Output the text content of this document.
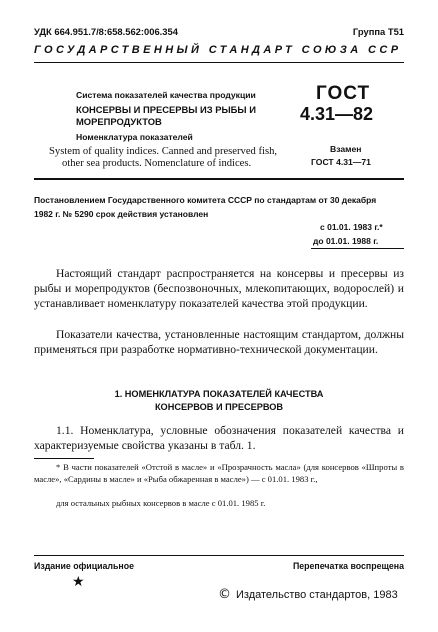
УДК 664.951.7/8:658.562:006.354	Группа Т51
ГОСУДАРСТВЕННЫЙ СТАНДАРТ СОЮЗА ССР
Система показателей качества продукции
КОНСЕРВЫ И ПРЕСЕРВЫ ИЗ РЫБЫ И
МОРЕПРОДУКТОВ
Номенклатура показателей
System of quality indices. Canned and preserved fish,
other sea products. Nomenclature of indices.
ГОСТ
4.31—82
Взамен
ГОСТ 4.31—71
Постановлением Государственного комитета СССР по стандартам от 30 декабря
1982 г. № 5290 срок действия установлен
с 01.01. 1983 г.*
до 01.01. 1988 г.
Настоящий стандарт распространяется на консервы и пресервы из рыбы и морепродуктов (беспозвоночных, млекопитающих, водорослей) и устанавливает номенклатуру показателей качества этой продукции.
Показатели качества, установленные настоящим стандартом, должны применяться при разработке нормативно-технической документации.
1. НОМЕНКЛАТУРА ПОКАЗАТЕЛЕЙ КАЧЕСТВА
КОНСЕРВОВ И ПРЕСЕРВОВ
1.1. Номенклатура, условные обозначения показателей качества и характеризуемые свойства указаны в табл. 1.
* В части показателей «Отстой в масле» и «Прозрачность масла» (для консервов «Шпроты в масле», «Сардины в масле» и «Рыба обжаренная в масле») — с 01.01. 1983 г.,
для остальных рыбных консервов в масле с 01.01. 1985 г.
Издание официальное	Перепечатка воспрещена
★
© Издательство стандартов, 1983
